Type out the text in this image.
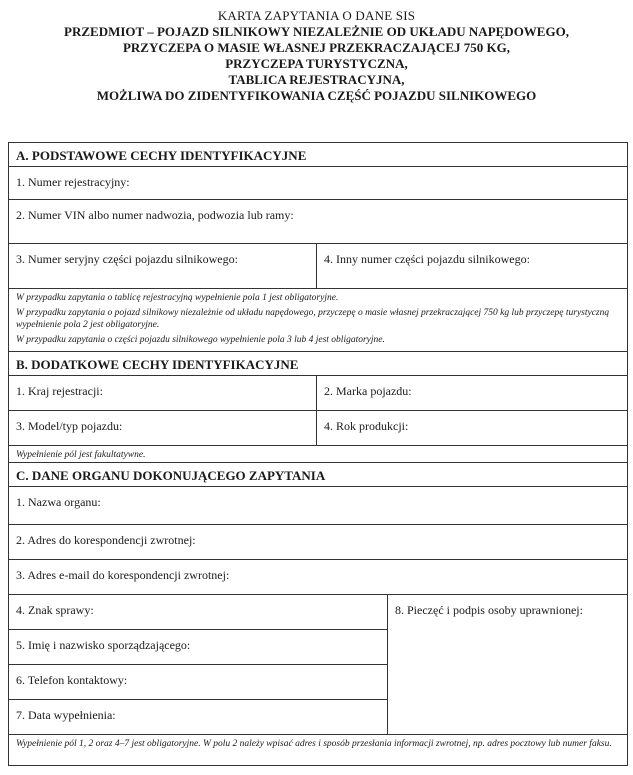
KARTA ZAPYTANIA O DANE SIS
PRZEDMIOT – POJAZD SILNIKOWY NIEZALEŻNIE OD UKŁADU NAPĘDOWEGO,
PRZYCZEPA O MASIE WŁASNEJ PRZEKRACZAJĄCEJ 750 KG,
PRZYCZEPA TURYSTYCZNA,
TABLICA REJESTRACYJNA,
MOŻLIWA DO ZIDENTYFIKOWANIA CZĘŚĆ POJAZDU SILNIKOWEGO
A. PODSTAWOWE CECHY IDENTYFIKACYJNE
1. Numer rejestracyjny:
2. Numer VIN albo numer nadwozia, podwozia lub ramy:
3. Numer seryjny części pojazdu silnikowego:	4. Inny numer części pojazdu silnikowego:

W przypadku zapytania o tablicę rejestracyjną wypełnienie pola 1 jest obligatoryjne.

W przypadku zapytania o pojazd silnikowy niezależnie od układu napędowego, przyczepę o masie własnej przekraczającej 750 kg lub przyczepę turystyczną wypełnienie pola 2 jest obligatoryjne.

W przypadku zapytania o części pojazdu silnikowego wypełnienie pola 3 lub 4 jest obligatoryjne.

B. DODATKOWE CECHY IDENTYFIKACYJNE
1. Kraj rejestracji:	2. Marka pojazdu:
3. Model/typ pojazdu:	4. Rok produkcji:
Wypełnienie pól jest fakultatywne.
C. DANE ORGANU DOKONUJĄCEGO ZAPYTANIA
1. Nazwa organu:
2. Adres do korespondencji zwrotnej:
3. Adres e-mail do korespondencji zwrotnej:
4. Znak sprawy:
5. Imię i nazwisko sporządzającego:
6. Telefon kontaktowy:
7. Data wypełnienia:
8. Pieczęć i podpis osoby uprawnionej:
Wypełnienie pól 1, 2 oraz 4–7 jest obligatoryjne. W polu 2 należy wpisać adres i sposób przesłania informacji zwrotnej, np. adres pocztowy lub numer faksu.
